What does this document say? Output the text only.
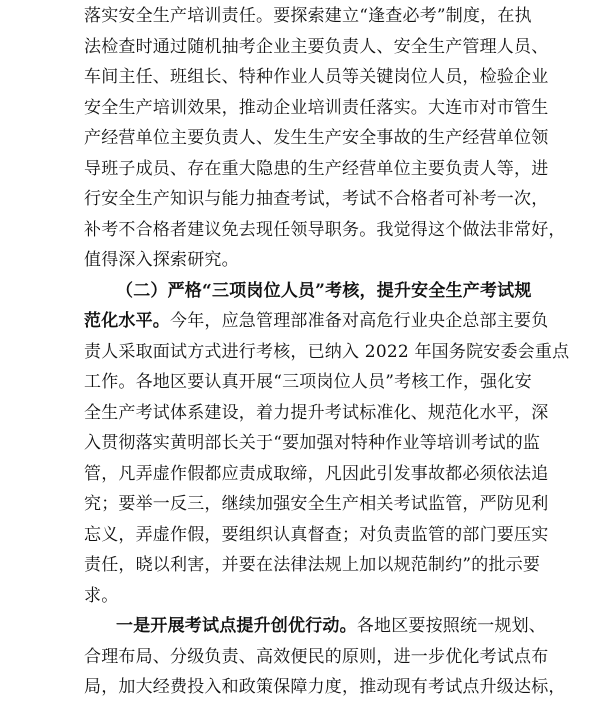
落实安全生产培训责任。要探索建立“逢查必考”制度，在执
法检查时通过随机抽考企业主要负责人、安全生产管理人员、
车间主任、班组长、特种作业人员等关键岗位人员，检验企业
安全生产培训效果，推动企业培训责任落实。大连市对市管生
产经营单位主要负责人、发生生产安全事故的生产经营单位领
导班子成员、存在重大隐患的生产经营单位主要负责人等，进
行安全生产知识与能力抽查考试，考试不合格者可补考一次，
补考不合格者建议免去现任领导职务。我觉得这个做法非常好，
值得深入探索研究。
（二）严格“三项岗位人员”考核，提升安全生产考试规
范化水平。今年，应急管理部准备对高危行业央企总部主要负
责人采取面试方式进行考核，已纳入 2022 年国务院安委会重点
工作。各地区要认真开展“三项岗位人员”考核工作，强化安
全生产考试体系建设，着力提升考试标准化、规范化水平，深
入贯彻落实黄明部长关于“要加强对特种作业等培训考试的监
管，凡弄虚作假都应责成取缔，凡因此引发事故都必须依法追
究；要举一反三，继续加强安全生产相关考试监管，严防见利
忘义，弄虚作假，要组织认真督查；对负责监管的部门要压实
责任，晓以利害，并要在法律法规上加以规范制约”的批示要
求。
一是开展考试点提升创优行动。各地区要按照统一规划、
合理布局、分级负责、高效便民的原则，进一步优化考试点布
局，加大经费投入和政策保障力度，推动现有考试点升级达标，
